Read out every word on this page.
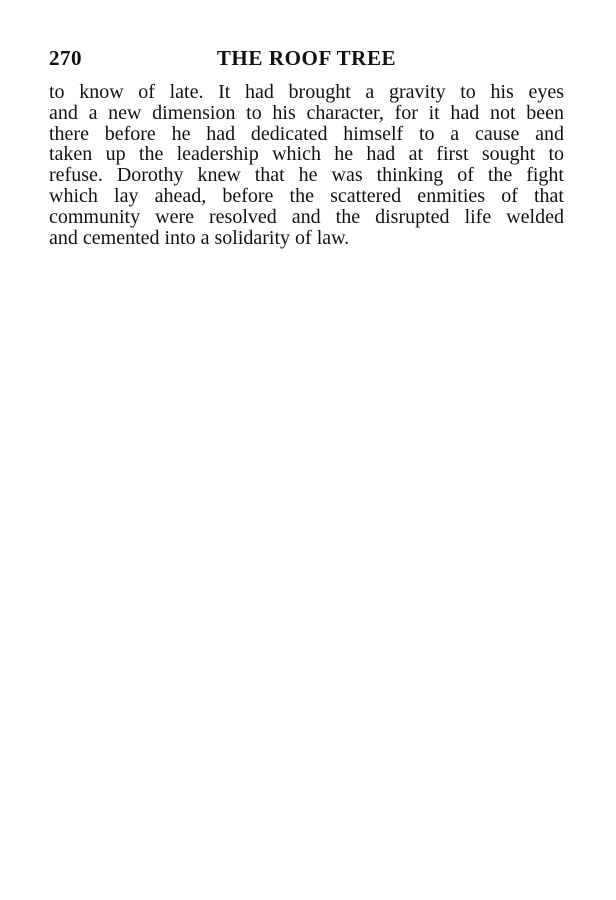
270	THE ROOF TREE

to know of late. It had brought a gravity to his eyes
and a new dimension to his character, for it had not been
there before he had dedicated himself to a cause and
taken up the leadership which he had at first sought to
refuse. Dorothy knew that he was thinking of the fight
which lay ahead, before the scattered enmities of that
community were resolved and the disrupted life welded
and cemented into a solidarity of law.
